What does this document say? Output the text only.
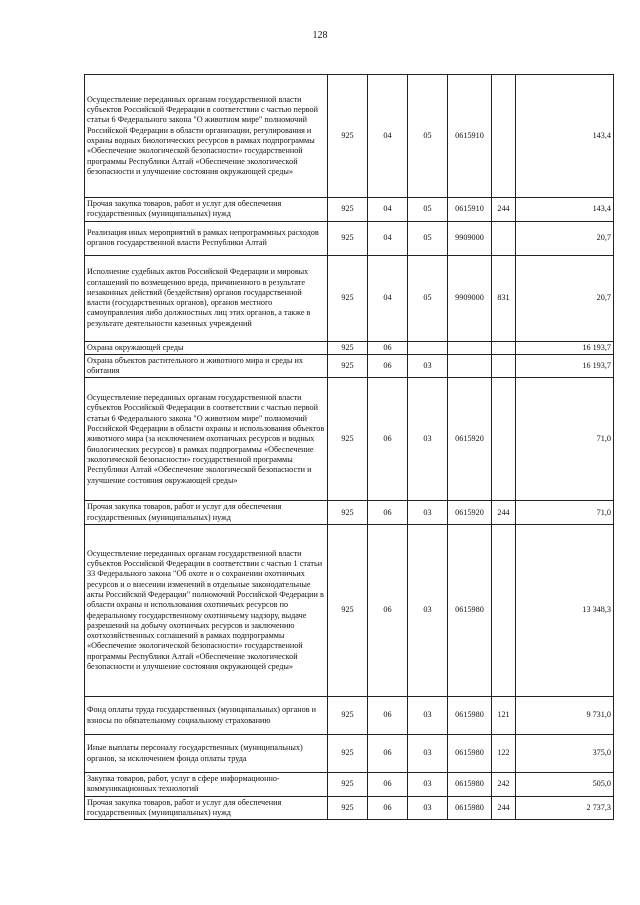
128
Осуществление переданных органам государственной власти субъектов Российской Федерации в соответствии с частью первой статьи 6 Федерального закона "О животном мире" полномочий Российской Федерации в области организации, регулирования и охраны водных биологических ресурсов в рамках подпрограммы «Обеспечение экологической безопасности» государственной программы Республики Алтай «Обеспечение экологической безопасности и улучшение состояния окружающей среды»	925	04	05	0615910		143,4
Прочая закупка товаров, работ и услуг для обеспечения государственных (муниципальных) нужд	925	04	05	0615910	244	143,4
Реализация иных мероприятий в рамках непрограммных расходов органов государственной власти Республики Алтай	925	04	05	9909000		20,7
Исполнение судебных актов Российской Федерации и мировых соглашений по возмещению вреда, причиненного в результате незаконных действий (бездействия) органов государственной власти (государственных органов), органов местного самоуправления либо должностных лиц этих органов, а также в результате деятельности казенных учреждений	925	04	05	9909000	831	20,7
Охрана окружающей среды	925	06				16 193,7
Охрана объектов растительного и животного мира и среды их обитания	925	06	03			16 193,7
Осуществление переданных органам государственной власти субъектов Российской Федерации в соответствии с частью первой статьи 6 Федерального закона "О животном мире" полномочий Российской Федерации в области охраны и использования объектов животного мира (за исключением охотничьих ресурсов и водных биологических ресурсов) в рамках подпрограммы «Обеспечение экологической безопасности» государственной программы Республики Алтай «Обеспечение экологической безопасности и улучшение состояния окружающей среды»	925	06	03	0615920		71,0
Прочая закупка товаров, работ и услуг для обеспечения государственных (муниципальных) нужд	925	06	03	0615920	244	71,0
Осуществление переданных органам государственной власти субъектов Российской Федерации в соответствии с частью 1 статьи 33 Федерального закона "Об охоте и о сохранении охотничьих ресурсов и о внесении изменений в отдельные законодательные акты Российской Федерации" полномочий Российской Федерации в области охраны и использования охотничьих ресурсов по федеральному государственному охотничьему надзору, выдаче разрешений на добычу охотничьих ресурсов и заключению охотхозяйственных соглашений в рамках подпрограммы «Обеспечение экологической безопасности» государственной программы Республики Алтай «Обеспечение экологической безопасности и улучшение состояния окружающей среды»	925	06	03	0615980		13 348,3
Фонд оплаты труда государственных (муниципальных) органов и взносы по обязательному социальному страхованию	925	06	03	0615980	121	9 731,0
Иные выплаты персоналу государственных (муниципальных) органов, за исключением фонда оплаты труда	925	06	03	0615980	122	375,0
Закупка товаров, работ, услуг в сфере информационно-коммуникационных технологий	925	06	03	0615980	242	505,0
Прочая закупка товаров, работ и услуг для обеспечения государственных (муниципальных) нужд	925	06	03	0615980	244	2 737,3
